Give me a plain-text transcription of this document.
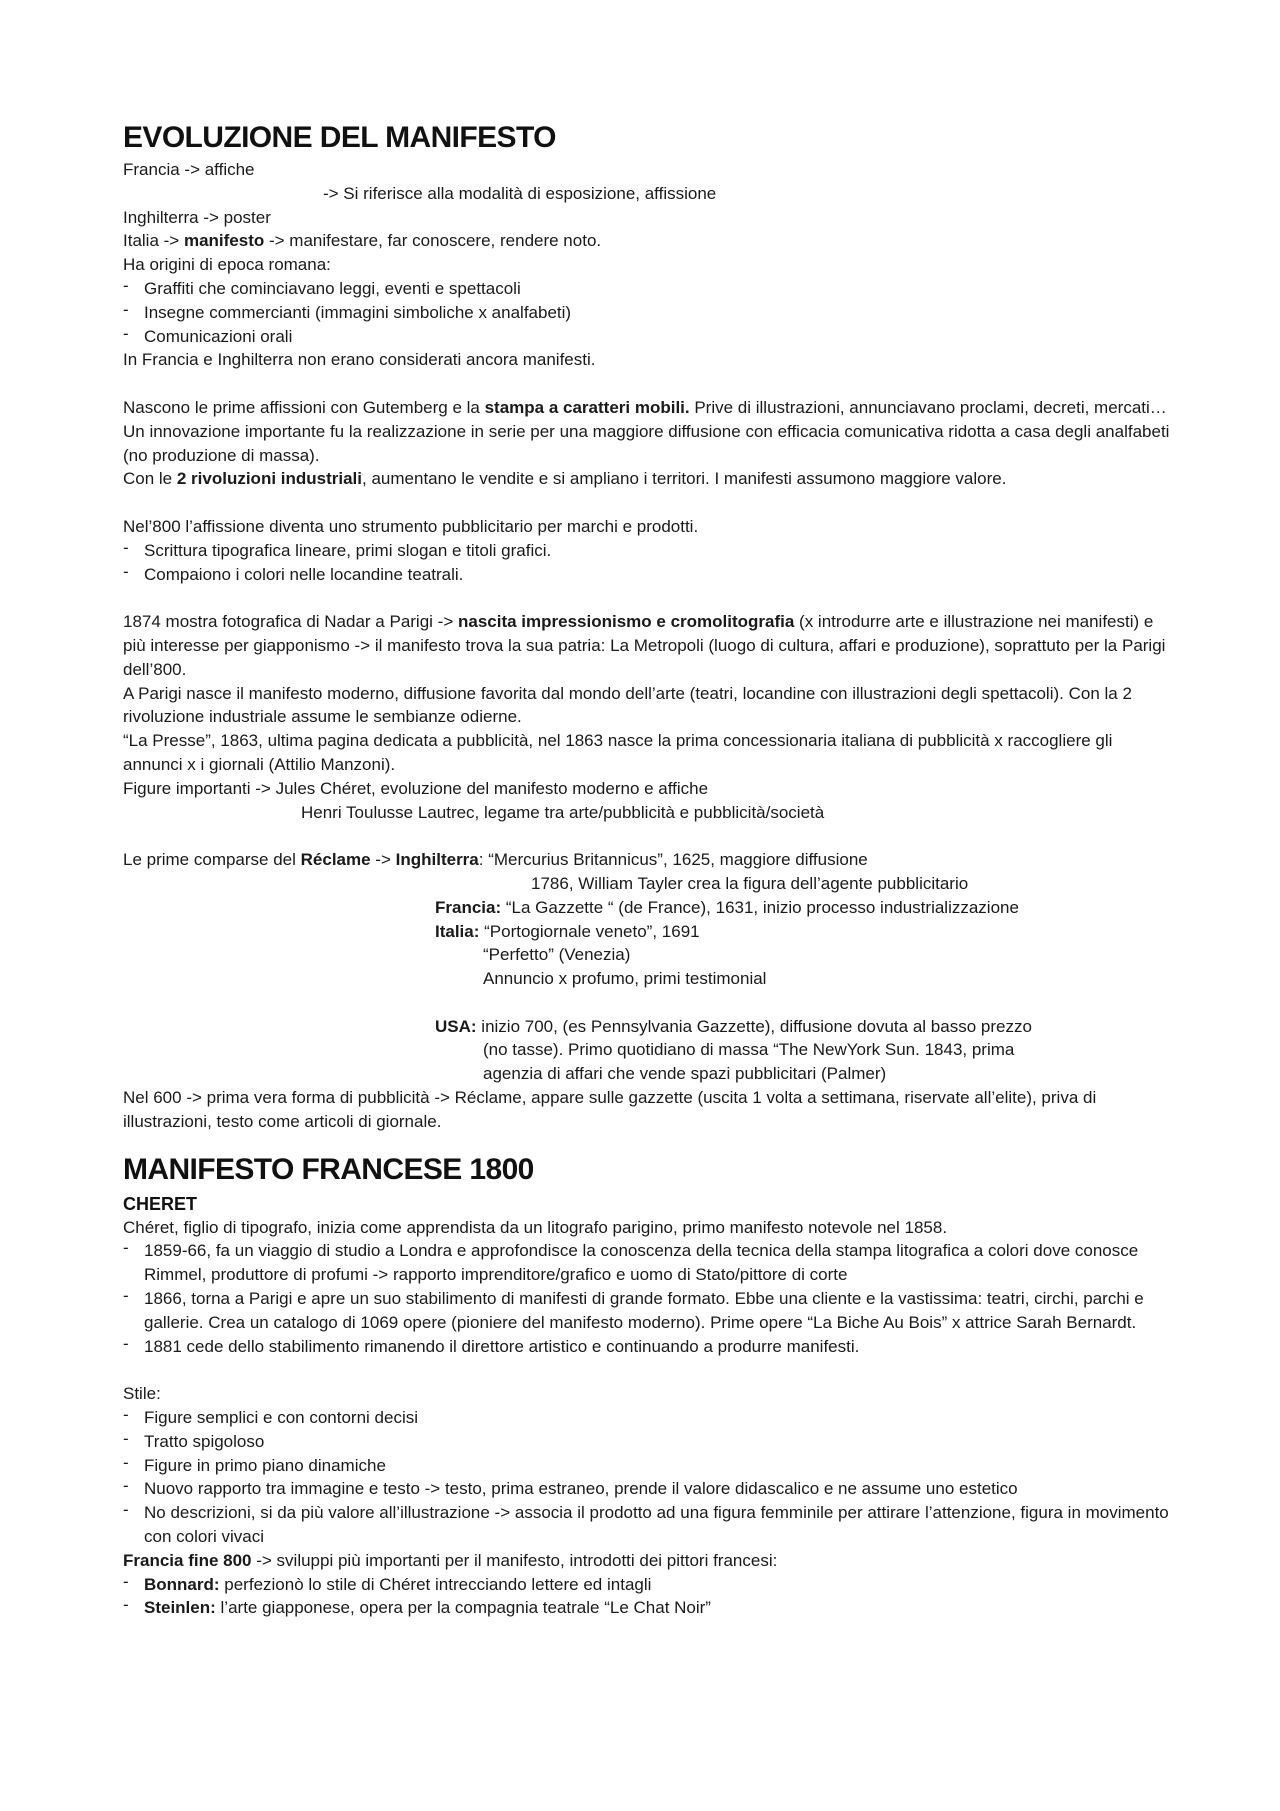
EVOLUZIONE DEL MANIFESTO

Francia -> affiche

-> Si riferisce alla modalità di esposizione, affissione

Inghilterra -> poster

Italia -> manifesto -> manifestare, far conoscere, rendere noto.

Ha origini di epoca romana:

- Graffiti che cominciavano leggi, eventi e spettacoli
- Insegne commercianti (immagini simboliche x analfabeti)
- Comunicazioni orali

In Francia e Inghilterra non erano considerati ancora manifesti.

Nascono le prime affissioni con Gutemberg e la stampa a caratteri mobili. Prive di illustrazioni, annunciavano proclami, decreti, mercati… Un innovazione importante fu la realizzazione in serie per una maggiore diffusione con efficacia comunicativa ridotta a casa degli analfabeti (no produzione di massa).

Con le 2 rivoluzioni industriali, aumentano le vendite e si ampliano i territori. I manifesti assumono maggiore valore.

Nel’800 l’affissione diventa uno strumento pubblicitario per marchi e prodotti.

- Scrittura tipografica lineare, primi slogan e titoli grafici.
- Compaiono i colori nelle locandine teatrali.

1874 mostra fotografica di Nadar a Parigi -> nascita impressionismo e cromolitografia (x introdurre arte e illustrazione nei manifesti) e più interesse per giapponismo -> il manifesto trova la sua patria: La Metropoli (luogo di cultura, affari e produzione), soprattuto per la Parigi dell’800.

A Parigi nasce il manifesto moderno, diffusione favorita dal mondo dell’arte (teatri, locandine con illustrazioni degli spettacoli). Con la 2 rivoluzione industriale assume le sembianze odierne.

“La Presse”, 1863, ultima pagina dedicata a pubblicità, nel 1863 nasce la prima concessionaria italiana di pubblicità x raccogliere gli annunci x i giornali (Attilio Manzoni).

Figure importanti -> Jules Chéret, evoluzione del manifesto moderno e affiche

Henri Toulusse Lautrec, legame tra arte/pubblicità e pubblicità/società

Le prime comparse del Réclame -> Inghilterra: “Mercurius Britannicus”, 1625, maggiore diffusione

1786, William Tayler crea la figura dell’agente pubblicitario

Francia: “La Gazzette “ (de France), 1631, inizio processo industrializzazione

Italia: “Portogiornale veneto”, 1691

“Perfetto” (Venezia)

Annuncio x profumo, primi testimonial

USA: inizio 700, (es Pennsylvania Gazzette), diffusione dovuta al basso prezzo

(no tasse). Primo quotidiano di massa “The NewYork Sun. 1843, prima

agenzia di affari che vende spazi pubblicitari (Palmer)

Nel 600 -> prima vera forma di pubblicità -> Réclame, appare sulle gazzette (uscita 1 volta a settimana, riservate all’elite), priva di illustrazioni, testo come articoli di giornale.

MANIFESTO FRANCESE 1800
CHERET

Chéret, figlio di tipografo, inizia come apprendista da un litografo parigino, primo manifesto notevole nel 1858.

- 1859-66, fa un viaggio di studio a Londra e approfondisce la conoscenza della tecnica della stampa litografica a colori dove conosce Rimmel, produttore di profumi -> rapporto imprenditore/grafico e uomo di Stato/pittore di corte
- 1866, torna a Parigi e apre un suo stabilimento di manifesti di grande formato. Ebbe una cliente e la vastissima: teatri, circhi, parchi e gallerie. Crea un catalogo di 1069 opere (pioniere del manifesto moderno). Prime opere “La Biche Au Bois” x attrice Sarah Bernardt.
- 1881 cede dello stabilimento rimanendo il direttore artistico e continuando a produrre manifesti.

Stile:

- Figure semplici e con contorni decisi
- Tratto spigoloso
- Figure in primo piano dinamiche
- Nuovo rapporto tra immagine e testo -> testo, prima estraneo, prende il valore didascalico e ne assume uno estetico
- No descrizioni, si da più valore all’illustrazione -> associa il prodotto ad una figura femminile per attirare l’attenzione, figura in movimento con colori vivaci

Francia fine 800 -> sviluppi più importanti per il manifesto, introdotti dei pittori francesi:

- Bonnard: perfezionò lo stile di Chéret intrecciando lettere ed intagli
- Steinlen: l’arte giapponese, opera per la compagnia teatrale “Le Chat Noir”
